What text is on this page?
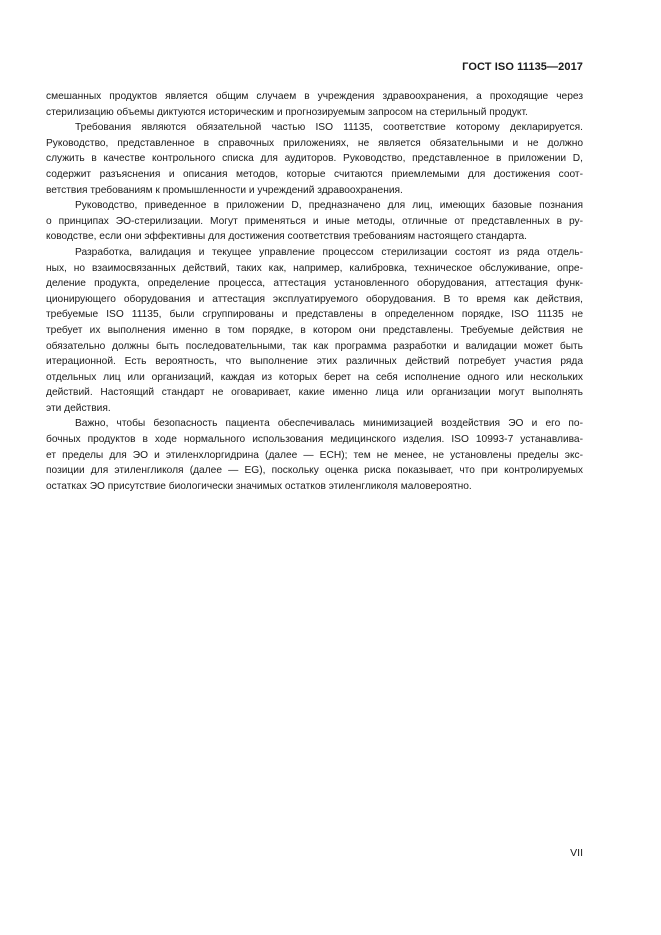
ГОСТ ISO 11135—2017
смешанных продуктов является общим случаем в учреждения здравоохранения, а проходящие через
стерилизацию объемы диктуются историческим и прогнозируемым запросом на стерильный продукт.
Требования являются обязательной частью ISO 11135, соответствие которому декларируется.
Руководство, представленное в справочных приложениях, не является обязательными и не должно
служить в качестве контрольного списка для аудиторов. Руководство, представленное в приложении D,
содержит разъяснения и описания методов, которые считаются приемлемыми для достижения соот-
ветствия требованиям к промышленности и учреждений здравоохранения.
Руководство, приведенное в приложении D, предназначено для лиц, имеющих базовые познания
о принципах ЭО-стерилизации. Могут применяться и иные методы, отличные от представленных в ру-
ководстве, если они эффективны для достижения соответствия требованиям настоящего стандарта.
Разработка, валидация и текущее управление процессом стерилизации состоят из ряда отдель-
ных, но взаимосвязанных действий, таких как, например, калибровка, техническое обслуживание, опре-
деление продукта, определение процесса, аттестация установленного оборудования, аттестация функ-
ционирующего оборудования и аттестация эксплуатируемого оборудования. В то время как действия,
требуемые ISO 11135, были сгруппированы и представлены в определенном порядке, ISO 11135 не
требует их выполнения именно в том порядке, в котором они представлены. Требуемые действия не
обязательно должны быть последовательными, так как программа разработки и валидации может быть
итерационной. Есть вероятность, что выполнение этих различных действий потребует участия ряда
отдельных лиц или организаций, каждая из которых берет на себя исполнение одного или нескольких
действий. Настоящий стандарт не оговаривает, какие именно лица или организации могут выполнять
эти действия.
Важно, чтобы безопасность пациента обеспечивалась минимизацией воздействия ЭО и его по-
бочных продуктов в ходе нормального использования медицинского изделия. ISO 10993-7 устанавлива-
ет пределы для ЭО и этиленхлоргидрина (далее — ECH); тем не менее, не установлены пределы экс-
позиции для этиленгликоля (далее — EG), поскольку оценка риска показывает, что при контролируемых
остатках ЭО присутствие биологически значимых остатков этиленгликоля маловероятно.
VII
